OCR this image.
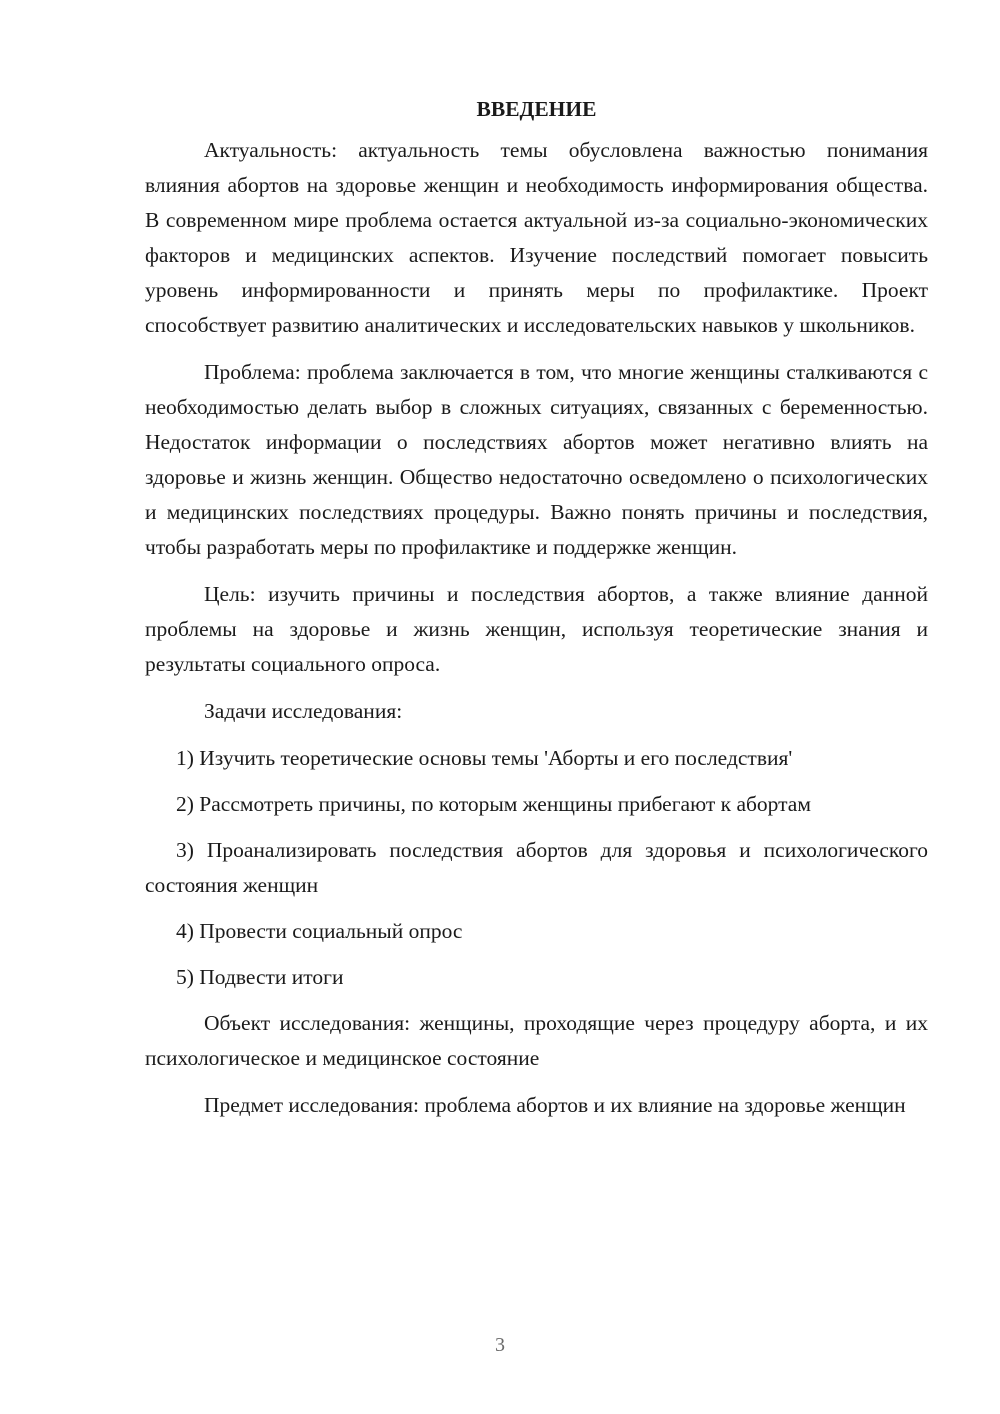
ВВЕДЕНИЕ

Актуальность: актуальность темы обусловлена важностью понимания влияния абортов на здоровье женщин и необходимость информирования общества. В современном мире проблема остается актуальной из-за социально-экономических факторов и медицинских аспектов. Изучение последствий помогает повысить уровень информированности и принять меры по профилактике. Проект способствует развитию аналитических и исследовательских навыков у школьников.

Проблема: проблема заключается в том, что многие женщины сталкиваются с необходимостью делать выбор в сложных ситуациях, связанных с беременностью. Недостаток информации о последствиях абортов может негативно влиять на здоровье и жизнь женщин. Общество недостаточно осведомлено о психологических и медицинских последствиях процедуры. Важно понять причины и последствия, чтобы разработать меры по профилактике и поддержке женщин.

Цель: изучить причины и последствия абортов, а также влияние данной проблемы на здоровье и жизнь женщин, используя теоретические знания и результаты социального опроса.

Задачи исследования:

1) Изучить теоретические основы темы 'Аборты и его последствия'

2) Рассмотреть причины, по которым женщины прибегают к абортам

3) Проанализировать последствия абортов для здоровья и психологического состояния женщин

4) Провести социальный опрос

5) Подвести итоги

Объект исследования: женщины, проходящие через процедуру аборта, и их психологическое и медицинское состояние

Предмет исследования: проблема абортов и их влияние на здоровье женщин

3
